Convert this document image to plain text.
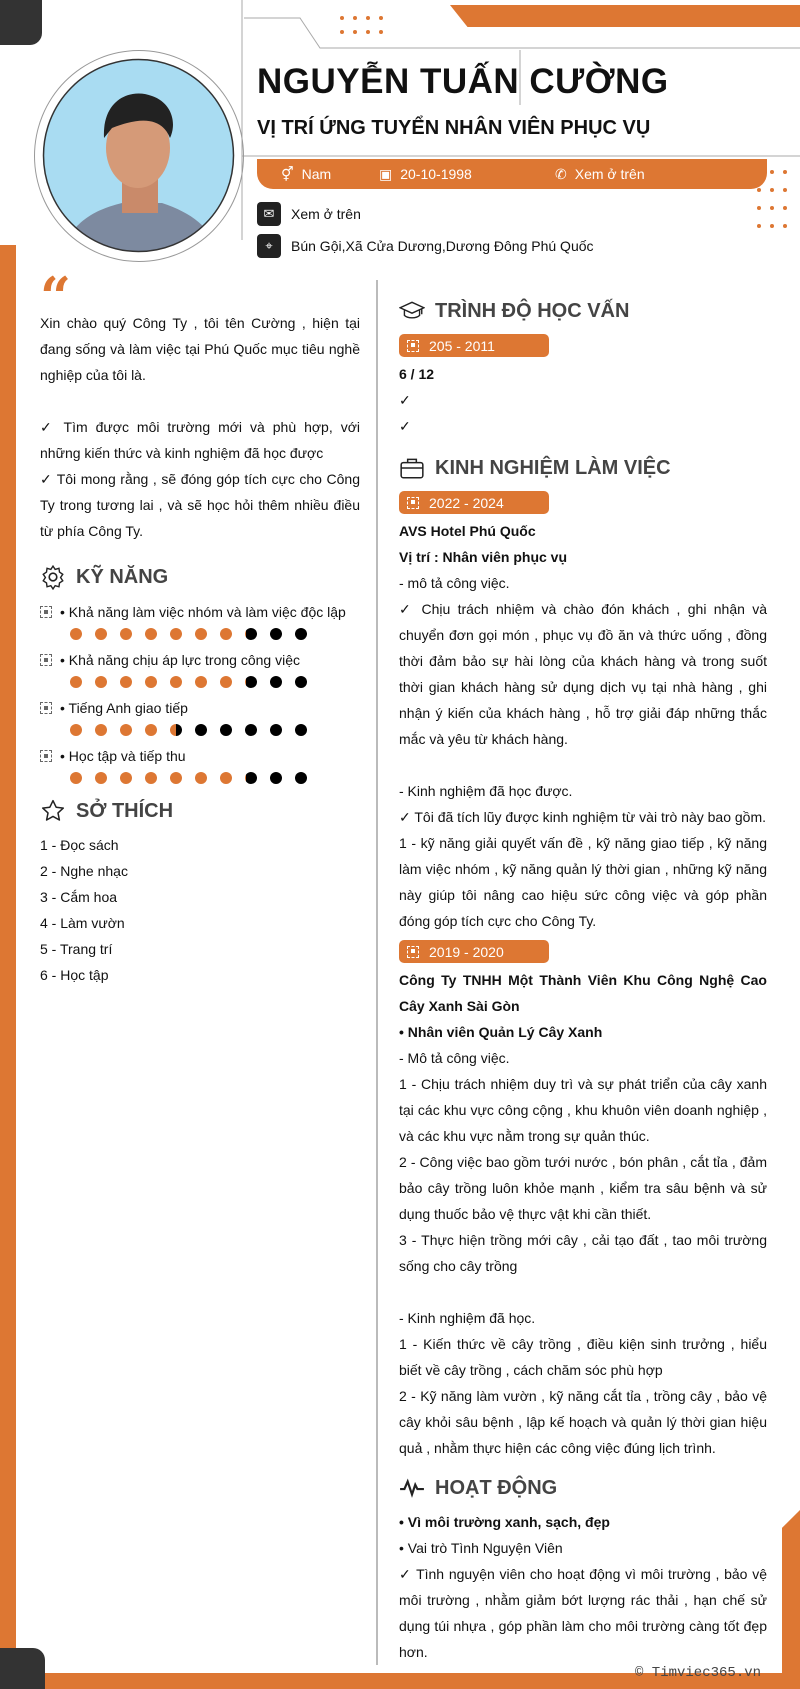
NGUYỄN TUẤN CƯỜNG
VỊ TRÍ ỨNG TUYỂN NHÂN VIÊN PHỤC VỤ
⚥ Nam	▣ 20-10-1998	✆ Xem ở trên
✉	Xem ở trên
⌖	Bún Gội,Xã Cửa Dương,Dương Đông Phú Quốc
“
Xin chào quý Công Ty , tôi tên Cường , hiện tại đang sống và làm việc tại Phú Quốc mục tiêu nghề nghiệp của tôi là.
✓ Tìm được môi trường mới và phù hợp, với những kiến thức và kinh nghiệm đã học được
✓ Tôi mong rằng , sẽ đóng góp tích cực cho Công Ty trong tương lai , và sẽ học hỏi thêm nhiều điều từ phía Công Ty.
KỸ NĂNG
• Khả năng làm việc nhóm và làm việc độc lập
• Khả năng chịu áp lực trong công việc
• Tiếng Anh giao tiếp
• Học tập và tiếp thu
SỞ THÍCH
1 - Đọc sách
2 - Nghe nhạc
3 - Cắm hoa
4 - Làm vườn
5 - Trang trí
6 - Học tập
TRÌNH ĐỘ HỌC VẤN
205 - 2011
6 / 12
✓
✓
KINH NGHIỆM LÀM VIỆC
2022 - 2024
AVS Hotel Phú Quốc
Vị trí : Nhân viên phục vụ
- mô tả công việc.
✓ Chịu trách nhiệm và chào đón khách , ghi nhận và chuyển đơn gọi món , phục vụ đồ ăn và thức uống , đồng thời đảm bảo sự hài lòng của khách hàng và trong suốt thời gian khách hàng sử dụng dịch vụ tại nhà hàng , ghi nhận ý kiến của khách hàng , hỗ trợ giải đáp những thắc mắc và yêu từ khách hàng.
- Kinh nghiệm đã học được.
✓ Tôi đã tích lũy được kinh nghiệm từ vài trò này bao gồm.
1 - kỹ năng giải quyết vấn đề , kỹ năng giao tiếp , kỹ năng làm việc nhóm , kỹ năng quản lý thời gian , những kỹ năng này giúp tôi nâng cao hiệu sức công việc và góp phần đóng góp tích cực cho Công Ty.
2019 - 2020
Công Ty TNHH Một Thành Viên Khu Công Nghệ Cao Cây Xanh Sài Gòn
• Nhân viên Quản Lý Cây Xanh
- Mô tả công việc.
1 - Chịu trách nhiệm duy trì và sự phát triển của cây xanh tại các khu vực công cộng , khu khuôn viên doanh nghiệp , và các khu vực nằm trong sự quản thúc.
2 - Công việc bao gồm tưới nước , bón phân , cắt tỉa , đảm bảo cây trồng luôn khỏe mạnh , kiểm tra sâu bệnh và sử dụng thuốc bảo vệ thực vật khi cần thiết.
3 - Thực hiện trồng mới cây , cải tạo đất , tao môi trường sống cho cây trồng
- Kinh nghiệm đã học.
1 - Kiến thức về cây trồng , điều kiện sinh trưởng , hiểu biết về cây trồng , cách chăm sóc phù hợp
2 - Kỹ năng làm vườn , kỹ năng cắt tỉa , trồng cây , bảo vệ cây khỏi sâu bệnh , lập kế hoạch và quản lý thời gian hiệu quả , nhằm thực hiện các công việc đúng lịch trình.
HOẠT ĐỘNG
• Vì môi trường xanh, sạch, đẹp
• Vai trò Tình Nguyện Viên
✓ Tình nguyện viên cho hoạt động vì môi trường , bảo vệ môi trường , nhằm giảm bớt lượng rác thải , hạn chế sử dụng túi nhựa , góp phần làm cho môi trường càng tốt đẹp hơn.
© Timviec365.vn
